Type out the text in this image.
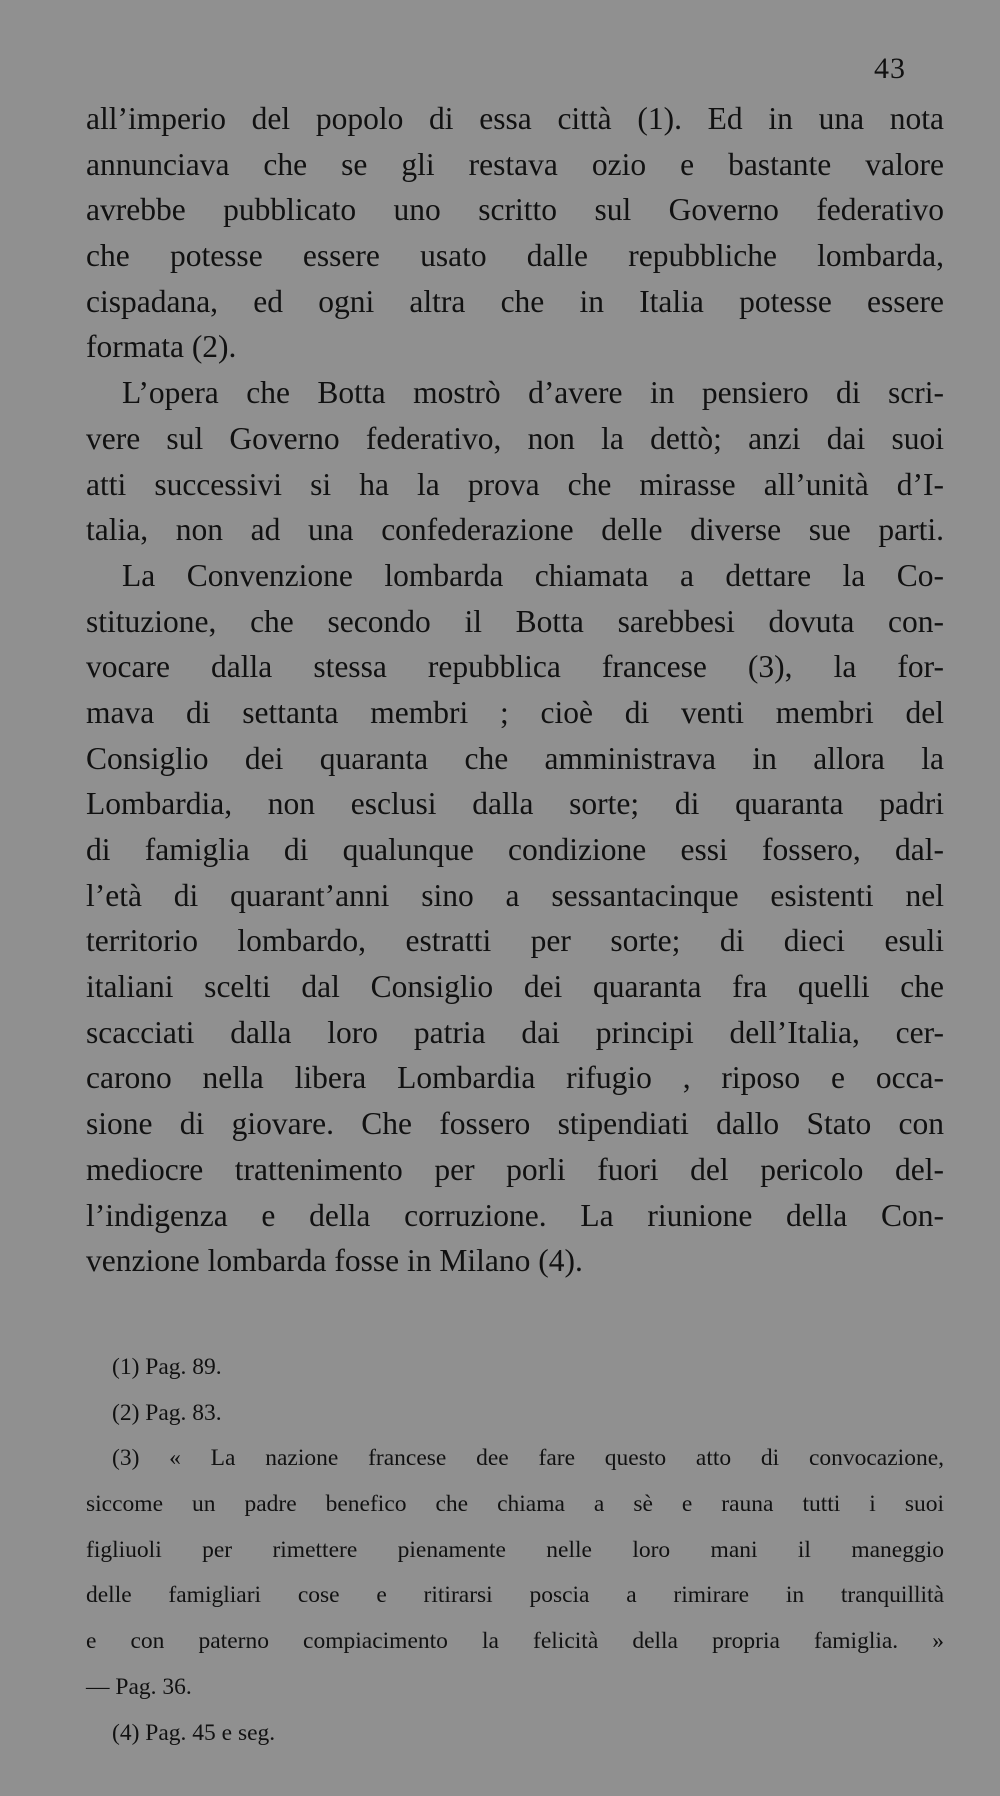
43
all’imperio del popolo di essa città (1). Ed in una nota
annunciava che se gli restava ozio e bastante valore
avrebbe pubblicato uno scritto sul Governo federativo
che potesse essere usato dalle repubbliche lombarda,
cispadana, ed ogni altra che in Italia potesse essere
formata (2).
L’opera che Botta mostrò d’avere in pensiero di scri-
vere sul Governo federativo, non la dettò; anzi dai suoi
atti successivi si ha la prova che mirasse all’unità d’I-
talia, non ad una confederazione delle diverse sue parti.
La Convenzione lombarda chiamata a dettare la Co-
stituzione, che secondo il Botta sarebbesi dovuta con-
vocare dalla stessa repubblica francese (3), la for-
mava di settanta membri ; cioè di venti membri del
Consiglio dei quaranta che amministrava in allora la
Lombardia, non esclusi dalla sorte; di quaranta padri
di famiglia di qualunque condizione essi fossero, dal-
l’età di quarant’anni sino a sessantacinque esistenti nel
territorio lombardo, estratti per sorte; di dieci esuli
italiani scelti dal Consiglio dei quaranta fra quelli che
scacciati dalla loro patria dai principi dell’Italia, cer-
carono nella libera Lombardia rifugio , riposo e occa-
sione di giovare. Che fossero stipendiati dallo Stato con
mediocre trattenimento per porli fuori del pericolo del-
l’indigenza e della corruzione. La riunione della Con-
venzione lombarda fosse in Milano (4).
(1) Pag. 89.
(2) Pag. 83.
(3) « La nazione francese dee fare questo atto di convocazione,
siccome un padre benefico che chiama a sè e rauna tutti i suoi
figliuoli per rimettere pienamente nelle loro mani il maneggio
delle famigliari cose e ritirarsi poscia a rimirare in tranquillità
e con paterno compiacimento la felicità della propria famiglia. »
— Pag. 36.
(4) Pag. 45 e seg.
